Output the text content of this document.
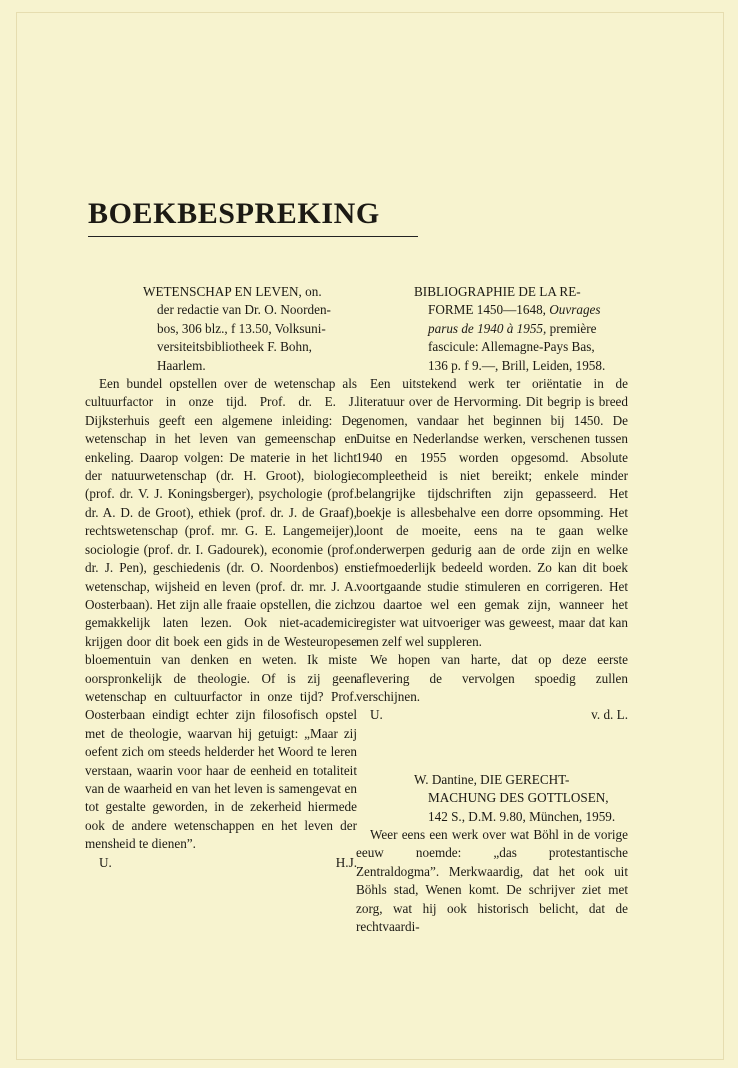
BOEKBESPREKING

WETENSCHAP EN LEVEN, on.

der redactie van Dr. O. Noorden-

bos, 306 blz., f 13.50, Volksuni-

versiteitsbibliotheek F. Bohn,

Haarlem.

Een bundel opstellen over de wetenschap als cultuurfactor in onze tijd. Prof. dr. E. J. Dijksterhuis geeft een algemene inleiding: De wetenschap in het leven van gemeenschap en enkeling. Daarop volgen: De materie in het licht der natuurwetenschap (dr. H. Groot), biologie (prof. dr. V. J. Koningsberger), psychologie (prof. dr. A. D. de Groot), ethiek (prof. dr. J. de Graaf), rechtswetenschap (prof. mr. G. E. Langemeijer), sociologie (prof. dr. I. Gadourek), economie (prof. dr. J. Pen), geschiedenis (dr. O. Noordenbos) en wetenschap, wijsheid en leven (prof. dr. mr. J. A. Oosterbaan). Het zijn alle fraaie opstellen, die zich gemakkelijk laten lezen. Ook niet-academici krijgen door dit boek een gids in de Westeuropese bloementuin van denken en weten. Ik miste oorspronkelijk de theologie. Of is zij geen wetenschap en cultuurfactor in onze tijd? Prof. Oosterbaan eindigt echter zijn filosofisch opstel met de theologie, waarvan hij getuigt: „Maar zij oefent zich om steeds helderder het Woord te leren verstaan, waarin voor haar de eenheid en totaliteit van de waarheid en van het leven is samengevat en tot gestalte geworden, in de zekerheid hiermede ook de andere wetenschappen en het leven der mensheid te dienen”.

U.	H.J.

BIBLIOGRAPHIE DE LA RE-

FORME 1450—1648, Ouvrages

parus de 1940 à 1955, première

fascicule: Allemagne-Pays Bas,

136 p. f 9.—, Brill, Leiden, 1958.

Een uitstekend werk ter oriëntatie in de literatuur over de Hervorming. Dit begrip is breed genomen, vandaar het beginnen bij 1450. De Duitse en Nederlandse werken, verschenen tussen 1940 en 1955 worden opgesomd. Absolute compleetheid is niet bereikt; enkele minder belangrijke tijdschriften zijn gepasseerd. Het boekje is allesbehalve een dorre opsomming. Het loont de moeite, eens na te gaan welke onderwerpen gedurig aan de orde zijn en welke stiefmoederlijk bedeeld worden. Zo kan dit boek voortgaande studie stimuleren en corrigeren. Het zou daartoe wel een gemak zijn, wanneer het register wat uitvoeriger was geweest, maar dat kan men zelf wel suppleren.

We hopen van harte, dat op deze eerste aflevering de vervolgen spoedig zullen verschijnen.

U.	v. d. L.

W. Dantine, DIE GERECHT-

MACHUNG DES GOTTLOSEN,

142 S., D.M. 9.80, München, 1959.

Weer eens een werk over wat Böhl in de vorige eeuw noemde: „das protestantische Zentraldogma”. Merkwaardig, dat het ook uit Böhls stad, Wenen komt. De schrijver ziet met zorg, wat hij ook historisch belicht, dat de rechtvaardi-
